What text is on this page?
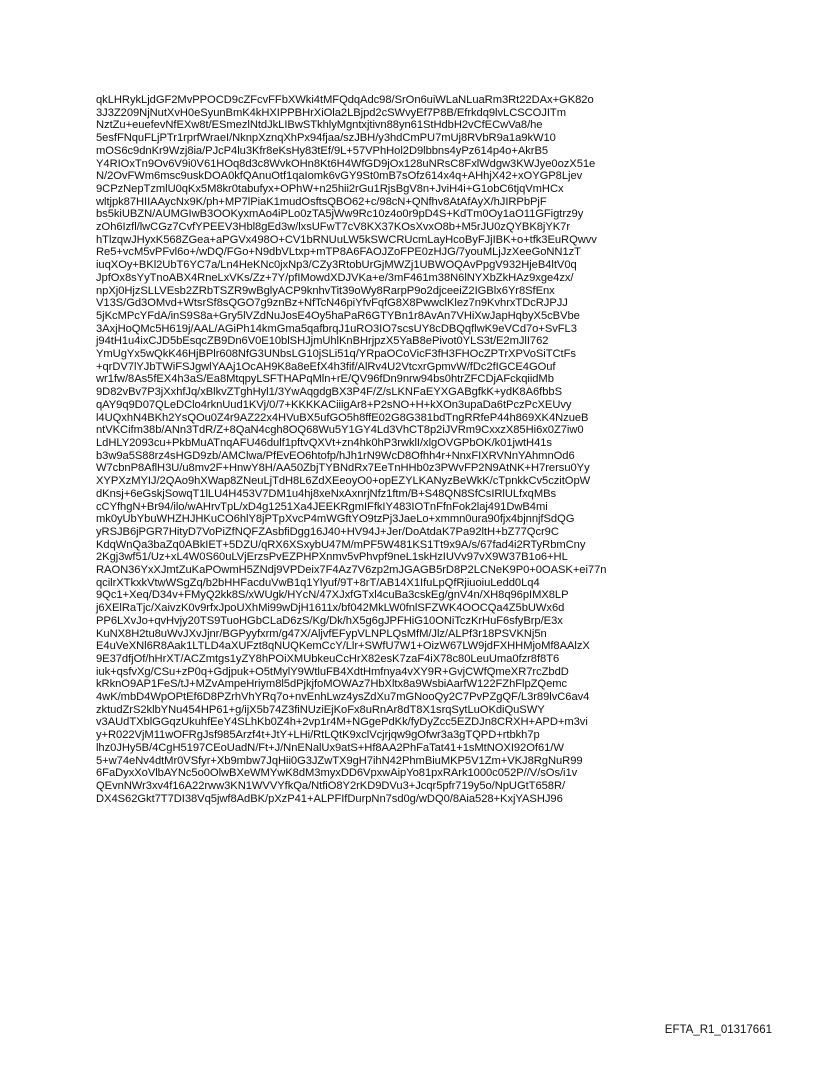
qkLHRykLjdGF2MvPPOCD9cZFcvFFbXWki4tMFQdqAdc98/SrOn6uiWLaNLuaRm3Rt22DAx+GK82o
3J3Z209NjNutXvH0eSyunBmK4kHXIPPBHrXiOla2LBjpd2cSWvyEf7P8B/Efrkdq9lvLCSCOJITm
NztZu+euefevNfEXw8t/ESmezlNtdJkLIBwSTkhlyMgntxjtivn88yn61StHdbH2vCfECwVa8/he
5esfFNquFLjPTr1rprfWraeI/NknpXznqXhPx94fjaa/szJBH/y3hdCmPU7mUj8RVbR9a1a9kW10
mOS6c9dnKr9Wzj8ia/PJcP4lu3Kfr8eKsHy83tEf/9L+57VPhHol2D9lbbns4yPz614p4o+AkrB5
Y4RIOxTn9Ov6V9i0V61HOq8d3c8WvkOHn8Kt6H4WfGD9jOx128uNRsC8FxlWdgw3KWJye0ozX51e
N/2OvFWm6msc9uskDOA0kfQAnuOtf1qaIomk6vGY9St0mB7sOfz614x4q+AHhjX42+xOYGP8Ljev
9CPzNepTzmlU0qKx5M8kr0tabufyx+OPhW+n25hii2rGu1RjsBgV8n+JviH4i+G1obC6tjqVmHCx
wltjpk87HIIAAycNx9K/ph+MP7lPiaK1mudOsftsQBO62+c/98cN+QNfhv8AtAfAyX/hJIRPbPjF
bs5kiUBZN/AUMGIwB3OOKyxmAo4iPLo0zTA5jWw9Rc10z4o0r9pD4S+KdTm0Oy1aO11GFigtrz9y
zOh6Izfl/lwCGz7CvfYPEEV3Hbl8gEd3w/lxsUFwT7cV8KX37KOsXvxO8b+M5rJU0zQYBK8jYK7r
hTlzqwJHyxK568ZGea+aPGVx498O+CV1bRNUuLW5kSWCRUcmLayHcoByFJjIBK+o+tfk3EuRQwvv
Re5+vcM5vPFvl6o+/wDQ/FGo+N9dbVLtxp+mTP8A6FAOJZoFPE0zHJG/7youMLjJzXeeGoNN1zT
iuqXOy+BKl2UbT6YC7a/Ln4HeKNc0jxNp3/CZy3RtobUrGjMWZj1UBWOQAvPpgV932HjeB4ltV0q
JpfOx8sYyTnoABX4RneLxVKs/Zz+7Y/pfIMowdXDJVKa+e/3mF461m38N6lNYXbZkHAz9xge4zx/
npXj0HjzSLLVEsb2ZRbTSZR9wBglyACP9knhvTit39oWy8RarpP9o2djceeiZ2IGBlx6Yr8SfEnx
V13S/Gd3OMvd+WtsrSf8sQGO7g9znBz+NfTcN46piYfvFqfG8X8PwwclKlez7n9KvhrxTDcRJPJJ
5jKcMPcYFdA/inS9S8a+Gry5lVZdNuJosE4Oy5haPaR6GTYBn1r8AvAn7VHiXwJapHqbyX5cBVbe
3AxjHoQMc5H619j/AAL/AGiPh14kmGma5qafbrqJ1uRO3IO7scsUY8cDBQqflwK9eVCd7o+SvFL3
j94tH1u4ixCJD5bEsqcZB9Dn6V0E10blSHJjmUhlKnBHrjpzX5YaB8ePivot0YLS3t/E2mJlI762
YmUgYx5wQkK46HjBPlr608NfG3UNbsLG10jSLi51q/YRpaOCoVicF3fH3FHOcZPTrXPVoSiTCtFs
+qrDV7lYJbTWiFSJgwlYAAj1OcAH9K8a8eEfX4h3fif/AlRv4U2VtcxrGpmvW/fDc2fIGCE4GOuf
wr1fw/8As5fEX4h3aS/Ea8MtqpyLSFTHAPqMln+rE/QV96fDn9nrw94bs0htrZFCDjAFckqiidMb
9D82vBv7P3jXxhfJq/xBlkvZTghHyl1/3YwAqgdgBX3P4F/Z/sLKNFaEYXGABgfkK+ydK8A6fbbS
qAY9q9D07QLeDClo4rknUud1KVj/0/7+KKKKACiiigAr8+P2sNO+H+kXOn3upaDa6tPczPcXEUvy
l4UQxhN4BKh2YsQOu0Z4r9AZ22x4HVuBX5ufGO5h8ffE02G8G381bdTngRRfeP44h869XK4NzueB
ntVKCifm38b/ANn3TdR/Z+8QaN4cgh8OQ68Wu5Y1GY4Ld3VhCT8p2iJVRm9CxxzX85Hi6x0Z7iw0
LdHLY2093cu+PkbMuATnqAFU46dulf1pftvQXVt+zn4hk0hP3rwklI/xlgOVGPbOK/k01jwtH41s
b3w9a5S88rz4sHGD9zb/AMClwa/PfEvEO6htofp/hJh1rN9WcD8Ofhh4r+NnxFIXRVNnYAhmnOd6
W7cbnP8AflH3U/u8mv2F+HnwY8H/AA50ZbjTYBNdRx7EeTnHHb0z3PWvFP2N9AtNK+H7rersu0Yy
XYPXzMYIJ/2QAo9hXWap8ZNeuLjTdH8L6ZdXEeoyO0+opEZYLKANyzBeWkK/cTpnkkCv5czitOpW
dKnsj+6eGskjSowqT1lLU4H453V7DM1u4hj8xeNxAxnrjNfz1ftm/B+S48QN8SfCsIRlULfxqMBs
cCYfhgN+Br94/ilo/wAHrvTpL/xD4g1251Xa4JEEKRgmIFfkIY483IOTnFfnFok2laj491DwB4mi
mk0yUbYbuWHZHJHKuCO6hlY8jPTpXvcP4mWGftYO9tzPj3JaeLo+xmmn0ura90fjx4bjnnjfSdQG
yRSJB6jPGR7HityD7VoPiZfNQFZAsbfiDgg16J40+HV94J+Jer/DoAtdaK7Pa92ltH+bZ77Qcr9C
KdqWnQa3baZq0ABkIET+5DZU/qRX6XSxybU47M/mPF5W481KS1Tt9x9A/s/67fad4i2RTyRbmCny
2Kgj3wf51/Uz+xL4W0S60uLVjErzsPvEZPHPXnmv5vPhvpf9neL1skHzIUVv97vX9W37B1o6+HL
RAON36YxXJmtZuKaPOwmH5ZNdj9VPDeix7F4Az7V6zp2mJGAGB5rD8P2LCNeK9P0+0OASK+ei77n
qcilrXTkxkVtwWSgZq/b2bHHFacduVwB1q1Ylyuf/9T+8rT/AB14X1IfuLpQfRjiuoiuLedd0Lq4
9Qc1+Xeq/D34v+FMyQ2kk8S/xWUgk/HYcN/47XJxfGTxl4cuBa3cskEg/gnV4n/XH8q96pIMX8LP
j6XElRaTjc/XaivzK0v9rfxJpoUXhMi99wDjH1611x/bf042MkLW0fnlSFZWK4OOCQa4Z5bUWx6d
PP6LXvJo+qvHvjy20TS9TuoHGbCLaD6zS/Kg/Dk/hX5g6gJPFHiG10ONiTczKrHuF6sfyBrp/E3x
KuNX8H2tu8uWvJXvJjnr/BGPyyfxrm/g47X/AljvfEFypVLNPLQsMfM/Jlz/ALPf3r18PSVKNj5n
E4uVeXNl6R8Aak1LTLD4aXUFzt8qNUQKemCcY/Llr+SWfU7W1+OizW67LW9jdFXHHMjoMf8AAlzX
9E37dfjOf/hHrXT/ACZmtgs1yZY8hPOiXMUbkeuCcHrX82esK7zaF4iX78c80LeuUma0fzr8f8T6
iuk+qsfvXg/CSu+zP0q+Gdjpuk+O5tMylY9WtluFB4XdtHmfnya4vXY9R+GvjCWfQmeXR7rcZbdD
kRknO9AP1FeS/tJ+MZvAmpeHriym8l5dPjkjfoMOWAz7HbXltx8a9WsbiAarfW122FZhFlpZQemc
4wK/mbD4WpOPtEf6D8PZrhVhYRq7o+nvEnhLwz4ysZdXu7mGNooQy2C7PvPZgQF/L3r89lvC6av4
zktudZrS2klbYNu454HP61+g/ijX5b74Z3fiNUziEjKoFx8uRnAr8dT8X1srqSytLuOKdiQuSWY
v3AUdTXblGGqzUkuhfEeY4SLhKb0Z4h+2vp1r4M+NGgePdKk/fyDyZcc5EZDJn8CRXH+APD+m3vi
y+R022VjM11wOFRgJsf985Arzf4t+JtY+LHi/RtLQtK9xclVcjrjqw9gOfwr3a3gTQPD+rtbkh7p
lhz0JHy5B/4CgH5197CEoUadN/Ft+J/NnENalUx9atS+Hf8AA2PhFaTat41+1sMtNOXI92Of61/W
5+w74eNv4dtMr0VSfyr+Xb9mbw7JqHii0G3JZwTX9gH7ihN42PhmBiuMKP5V1Zm+VKJ8RgNuR99
6FaDyxXoVlbAYNc5o0OlwBXeWMYwK8dM3myxDD6VpxwAipYo81pxRArk1000c052P//V/sOs/i1v
QEvnNWr3xv4f16A22rww3KN1WVVYfkQa/NtfiO8Y2rKD9DVu3+Jcqr5pfr719y5o/NpUGtT658R/
DX4S62Gkt7T7DI38Vq5jwf8AdBK/pXzP41+ALPFIfDurpNn7sd0g/wDQ0/8Aia528+KxjYASHJ96
EFTA_R1_01317661
